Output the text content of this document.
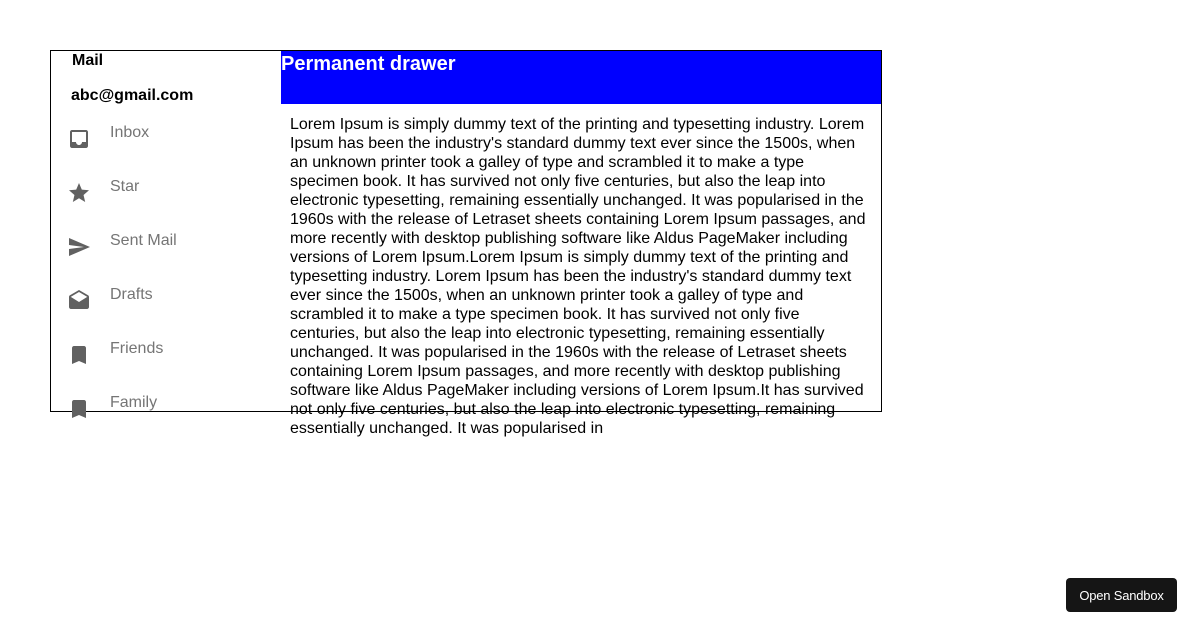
Mail
abc@gmail.com
Inbox
Star
Sent Mail
Drafts
Friends
Family
Permanent drawer

Lorem Ipsum is simply dummy text of the printing and typesetting industry. Lorem Ipsum has been the industry's standard dummy text ever since the 1500s, when an unknown printer took a galley of type and scrambled it to make a type specimen book. It has survived not only five centuries, but also the leap into electronic typesetting, remaining essentially unchanged. It was popularised in the 1960s with the release of Letraset sheets containing Lorem Ipsum passages, and more recently with desktop publishing software like Aldus PageMaker including versions of Lorem Ipsum.Lorem Ipsum is simply dummy text of the printing and typesetting industry. Lorem Ipsum has been the industry's standard dummy text ever since the 1500s, when an unknown printer took a galley of type and scrambled it to make a type specimen book. It has survived not only five centuries, but also the leap into electronic typesetting, remaining essentially unchanged. It was popularised in the 1960s with the release of Letraset sheets containing Lorem Ipsum passages, and more recently with desktop publishing software like Aldus PageMaker including versions of Lorem Ipsum.It has survived not only five centuries, but also the leap into electronic typesetting, remaining essentially unchanged. It was popularised in

Open Sandbox
